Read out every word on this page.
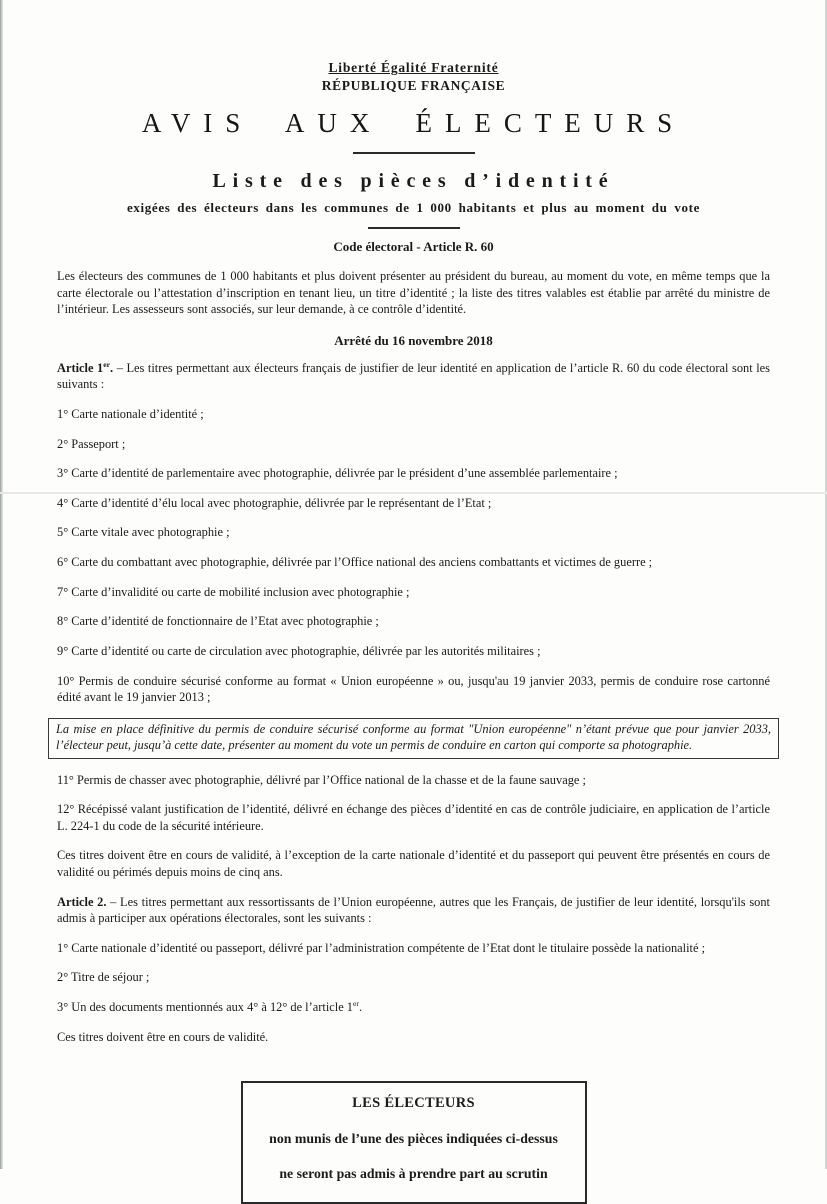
Liberté Égalité Fraternité
RÉPUBLIQUE FRANÇAISE
AVIS AUX ÉLECTEURS
Liste des pièces d’identité
exigées des électeurs dans les communes de 1 000 habitants et plus au moment du vote
Code électoral - Article R. 60

Les électeurs des communes de 1 000 habitants et plus doivent présenter au président du bureau, au moment du vote, en même temps que la carte électorale ou l’attestation d’inscription en tenant lieu, un titre d’identité ; la liste des titres valables est établie par arrêté du ministre de l’intérieur. Les assesseurs sont associés, sur leur demande, à ce contrôle d’identité.

Arrêté du 16 novembre 2018

Article 1er. – Les titres permettant aux électeurs français de justifier de leur identité en application de l’article R. 60 du code électoral sont les suivants :

1° Carte nationale d’identité ;

2° Passeport ;

3° Carte d’identité de parlementaire avec photographie, délivrée par le président d’une assemblée parlementaire ;

4° Carte d’identité d’élu local avec photographie, délivrée par le représentant de l’Etat ;

5° Carte vitale avec photographie ;

6° Carte du combattant avec photographie, délivrée par l’Office national des anciens combattants et victimes de guerre ;

7° Carte d’invalidité ou carte de mobilité inclusion avec photographie ;

8° Carte d’identité de fonctionnaire de l’Etat avec photographie ;

9° Carte d’identité ou carte de circulation avec photographie, délivrée par les autorités militaires ;

10° Permis de conduire sécurisé conforme au format « Union européenne » ou, jusqu'au 19 janvier 2033, permis de conduire rose cartonné édité avant le 19 janvier 2013 ;

La mise en place définitive du permis de conduire sécurisé conforme au format "Union européenne" n’étant prévue que pour janvier 2033, l’électeur peut, jusqu’à cette date, présenter au moment du vote un permis de conduire en carton qui comporte sa photographie.

11° Permis de chasser avec photographie, délivré par l’Office national de la chasse et de la faune sauvage ;

12° Récépissé valant justification de l’identité, délivré en échange des pièces d’identité en cas de contrôle judiciaire, en application de l’article L. 224-1 du code de la sécurité intérieure.

Ces titres doivent être en cours de validité, à l’exception de la carte nationale d’identité et du passeport qui peuvent être présentés en cours de validité ou périmés depuis moins de cinq ans.

Article 2. – Les titres permettant aux ressortissants de l’Union européenne, autres que les Français, de justifier de leur identité, lorsqu'ils sont admis à participer aux opérations électorales, sont les suivants :

1° Carte nationale d’identité ou passeport, délivré par l’administration compétente de l’Etat dont le titulaire possède la nationalité ;

2° Titre de séjour ;

3° Un des documents mentionnés aux 4° à 12° de l’article 1er.

Ces titres doivent être en cours de validité.

LES ÉLECTEURS
non munis de l’une des pièces indiquées ci-dessus
ne seront pas admis à prendre part au scrutin
